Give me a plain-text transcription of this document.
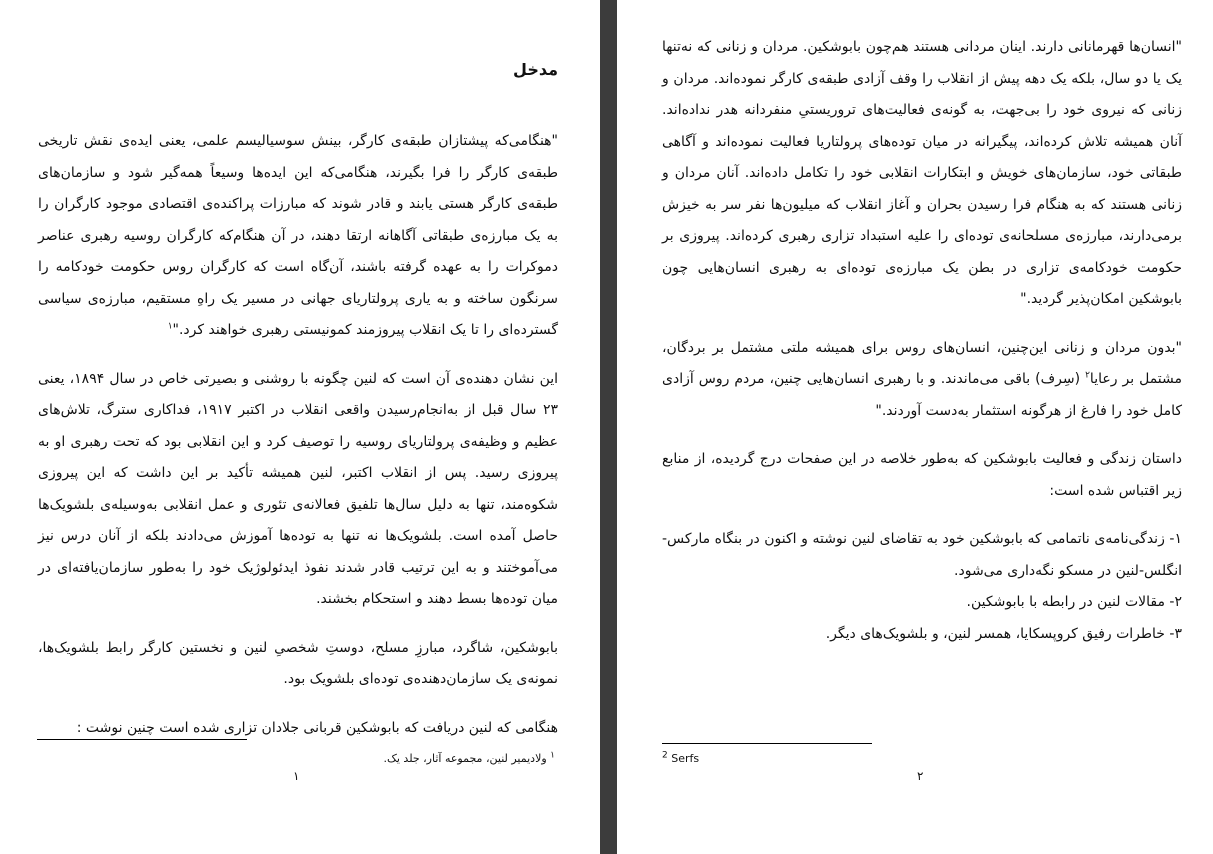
مدخل

"هنگامی‌که پیشتازان طبقه‌ی کارگر، بینش سوسیالیسم علمی، یعنی ایده‌ی نقش تاریخی طبقه‌ی کارگر را فرا بگیرند، هنگامی‌که این ایده‌ها وسیعاً همه‌گیر شود و سازمان‌های طبقه‌ی کارگر هستی یابند و قادر شوند که مبارزات پراکنده‌ی اقتصادی موجود کارگران را به یک مبارزه‌ی طبقاتی آگاهانه ارتقا دهند، در آن هنگام‌که کارگران روسیه رهبری عناصر دموکرات را به عهده گرفته باشند، آن‌گاه است که کارگران روس حکومت خودکامه را سرنگون ساخته و به یاری پرولتاریای جهانی در مسیر یک راهِ مستقیم، مبارزه‌ی سیاسی گسترده‌ای را تا یک انقلاب پیروزمند کمونیستی رهبری خواهند کرد."$^١$

این نشان دهنده‌ی آن است که لنین چگونه با روشنی و بصیرتی خاص در سال ۱۸۹۴، یعنی ۲۳ سال قبل از به‌انجام‌رسیدن واقعی انقلاب در اکتبر ۱۹۱۷، فداکاری سترگ، تلاش‌های عظیم و وظیفه‌ی پرولتاریای روسیه را توصیف کرد و این انقلابی بود که تحت رهبری او به پیروزی رسید. پس از انقلاب اکتبر، لنین همیشه تأکید بر این داشت که این پیروزی شکوه‌مند، تنها به دلیل سال‌ها تلفیق فعالانه‌ی تئوری و عمل انقلابی به‌وسیله‌ی بلشویک‌ها حاصل آمده است. بلشویک‌ها نه تنها به توده‌ها آموزش می‌دادند بلکه از آنان درس نیز می‌آموختند و به این ترتیب قادر شدند نفوذ ایدئولوژیک خود را به‌طور سازمان‌یافته‌ای در میان توده‌ها بسط دهند و استحکام بخشند.

بابوشکین، شاگرد، مبارزِ مسلح، دوستِ شخصیِ لنین و نخستین کارگر رابط بلشویک‌ها، نمونه‌ی یک سازمان‌دهنده‌ی توده‌ای بلشویک بود.

هنگامی که لنین دریافت که بابوشکین قربانی جلادان تزاری شده است چنین نوشت :

$^١$ ولادیمیر لنین، مجموعه آثار، جلد یک.
١

"انسان‌ها قهرمانانی دارند. اینان مردانی هستند هم‌چون بابوشکین. مردان و زنانی که نه‌تنها یک یا دو سال، بلکه یک دهه پیش از انقلاب را وقف آزادی طبقه‌ی کارگر نموده‌اند. مردان و زنانی که نیروی خود را بی‌جهت، به گونه‌ی فعالیت‌های تروریستیِ منفردانه هدر نداده‌اند. آنان همیشه تلاش کرده‌اند، پیگیرانه در میان توده‌های پرولتاریا فعالیت نموده‌اند و آگاهی طبقاتی خود، سازمان‌های خویش و ابتکارات انقلابی خود را تکامل داده‌اند. آنان مردان و زنانی هستند که به هنگام فرا رسیدن بحران و آغاز انقلاب که میلیون‌ها نفر سر به خیزش برمی‌دارند، مبارزه‌ی مسلحانه‌ی توده‌ای را علیه استبداد تزاری رهبری کرده‌اند. پیروزی بر حکومت خودکامه‌ی تزاری در بطن یک مبارزه‌ی توده‌ای به رهبری انسان‌هایی چون بابوشکین امکان‌پذیر گردید."

"بدون مردان و زنانی این‌چنین، انسان‌های روس برای همیشه ملتی مشتمل بر بردگان، مشتمل بر رعایا$^٢$ (سِرف) باقی می‌ماندند. و با رهبری انسان‌هایی چنین، مردم روس آزادی کامل خود را فارغ از هرگونه استثمار به‌دست آوردند."

داستان زندگی و فعالیت بابوشکین که به‌طور خلاصه در این صفحات درج گردیده، از منابع زیر اقتباس شده است:

١- زندگی‌نامه‌ی ناتمامی که بابوشکین خود به تقاضای لنین نوشته و اکنون در بنگاه مارکس-انگلس-لنین در مسکو نگه‌داری می‌شود.
٢- مقالات لنین در رابطه با بابوشکین.
٣- خاطرات رفیق کروپسکایا، همسر لنین، و بلشویک‌های دیگر.
$^2$ Serfs
٢
